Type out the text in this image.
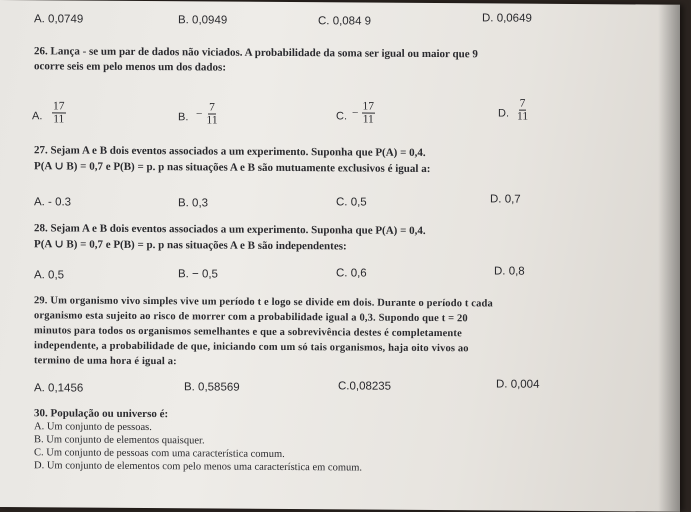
A. 0,0749	B. 0,0949	C. 0,084 9	D. 0,0649
26. Lança - se um par de dados não viciados. A probabilidade da soma ser igual ou maior que 9
ocorre seis em pelo menos um dos dados:
A. $\frac{17}{11}$	B. − $\frac{7}{11}$	C. − $\frac{17}{11}$	D. $\frac{7}{11}$
27. Sejam A e B dois eventos associados a um experimento. Suponha que P(A) = 0,4.
P(A ∪ B) = 0,7 e P(B) = p. p nas situações A e B são mutuamente exclusivos é igual a:
A. - 0.3	B. 0,3	C. 0,5	D. 0,7
28. Sejam A e B dois eventos associados a um experimento. Suponha que P(A) = 0,4.
P(A ∪ B) = 0,7 e P(B) = p. p nas situações A e B são independentes:
A. 0,5	B. − 0,5	C. 0,6	D. 0,8
29. Um organismo vivo simples vive um período t e logo se divide em dois. Durante o período t cada
organismo esta sujeito ao risco de morrer com a probabilidade igual a 0,3. Supondo que t = 20
minutos para todos os organismos semelhantes e que a sobrevivência destes é completamente
independente, a probabilidade de que, iniciando com um só tais organismos, haja oito vivos ao
termino de uma hora é igual a:
A. 0,1456	B. 0,58569	C.0,08235	D. 0,004
30. População ou universo é:
A. Um conjunto de pessoas.
B. Um conjunto de elementos quaisquer.
C. Um conjunto de pessoas com uma característica comum.
D. Um conjunto de elementos com pelo menos uma característica em comum.
